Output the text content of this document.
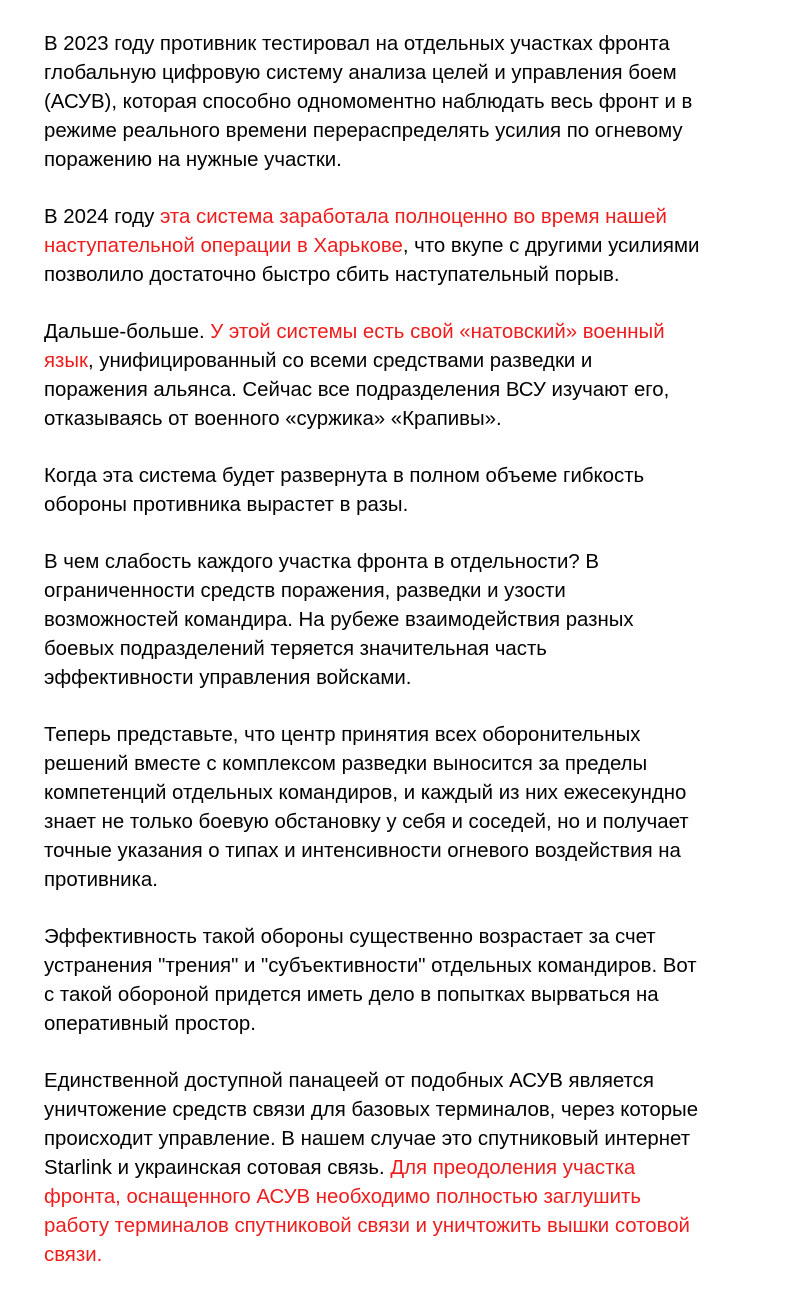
В 2023 году противник тестировал на отдельных участках фронта
глобальную цифровую систему анализа целей и управления боем
(АСУВ), которая способно одномоментно наблюдать весь фронт и в
режиме реального времени перераспределять усилия по огневому
поражению на нужные участки.
В 2024 году эта система заработала полноценно во время нашей
наступательной операции в Харькове, что вкупе с другими усилиями
позволило достаточно быстро сбить наступательный порыв.
Дальше-больше. У этой системы есть свой «натовский» военный
язык, унифицированный со всеми средствами разведки и
поражения альянса. Сейчас все подразделения ВСУ изучают его,
отказываясь от военного «суржика» «Крапивы».
Когда эта система будет развернута в полном объеме гибкость
обороны противника вырастет в разы.
В чем слабость каждого участка фронта в отдельности? В
ограниченности средств поражения, разведки и узости
возможностей командира. На рубеже взаимодействия разных
боевых подразделений теряется значительная часть
эффективности управления войсками.
Теперь представьте, что центр принятия всех оборонительных
решений вместе с комплексом разведки выносится за пределы
компетенций отдельных командиров, и каждый из них ежесекундно
знает не только боевую обстановку у себя и соседей, но и получает
точные указания о типах и интенсивности огневого воздействия на
противника.
Эффективность такой обороны существенно возрастает за счет
устранения "трения" и "субъективности" отдельных командиров. Вот
с такой обороной придется иметь дело в попытках вырваться на
оперативный простор.
Единственной доступной панацеей от подобных АСУВ является
уничтожение средств связи для базовых терминалов, через которые
происходит управление. В нашем случае это спутниковый интернет
Starlink и украинская сотовая связь. Для преодоления участка
фронта, оснащенного АСУВ необходимо полностью заглушить
работу терминалов спутниковой связи и уничтожить вышки сотовой
связи.
